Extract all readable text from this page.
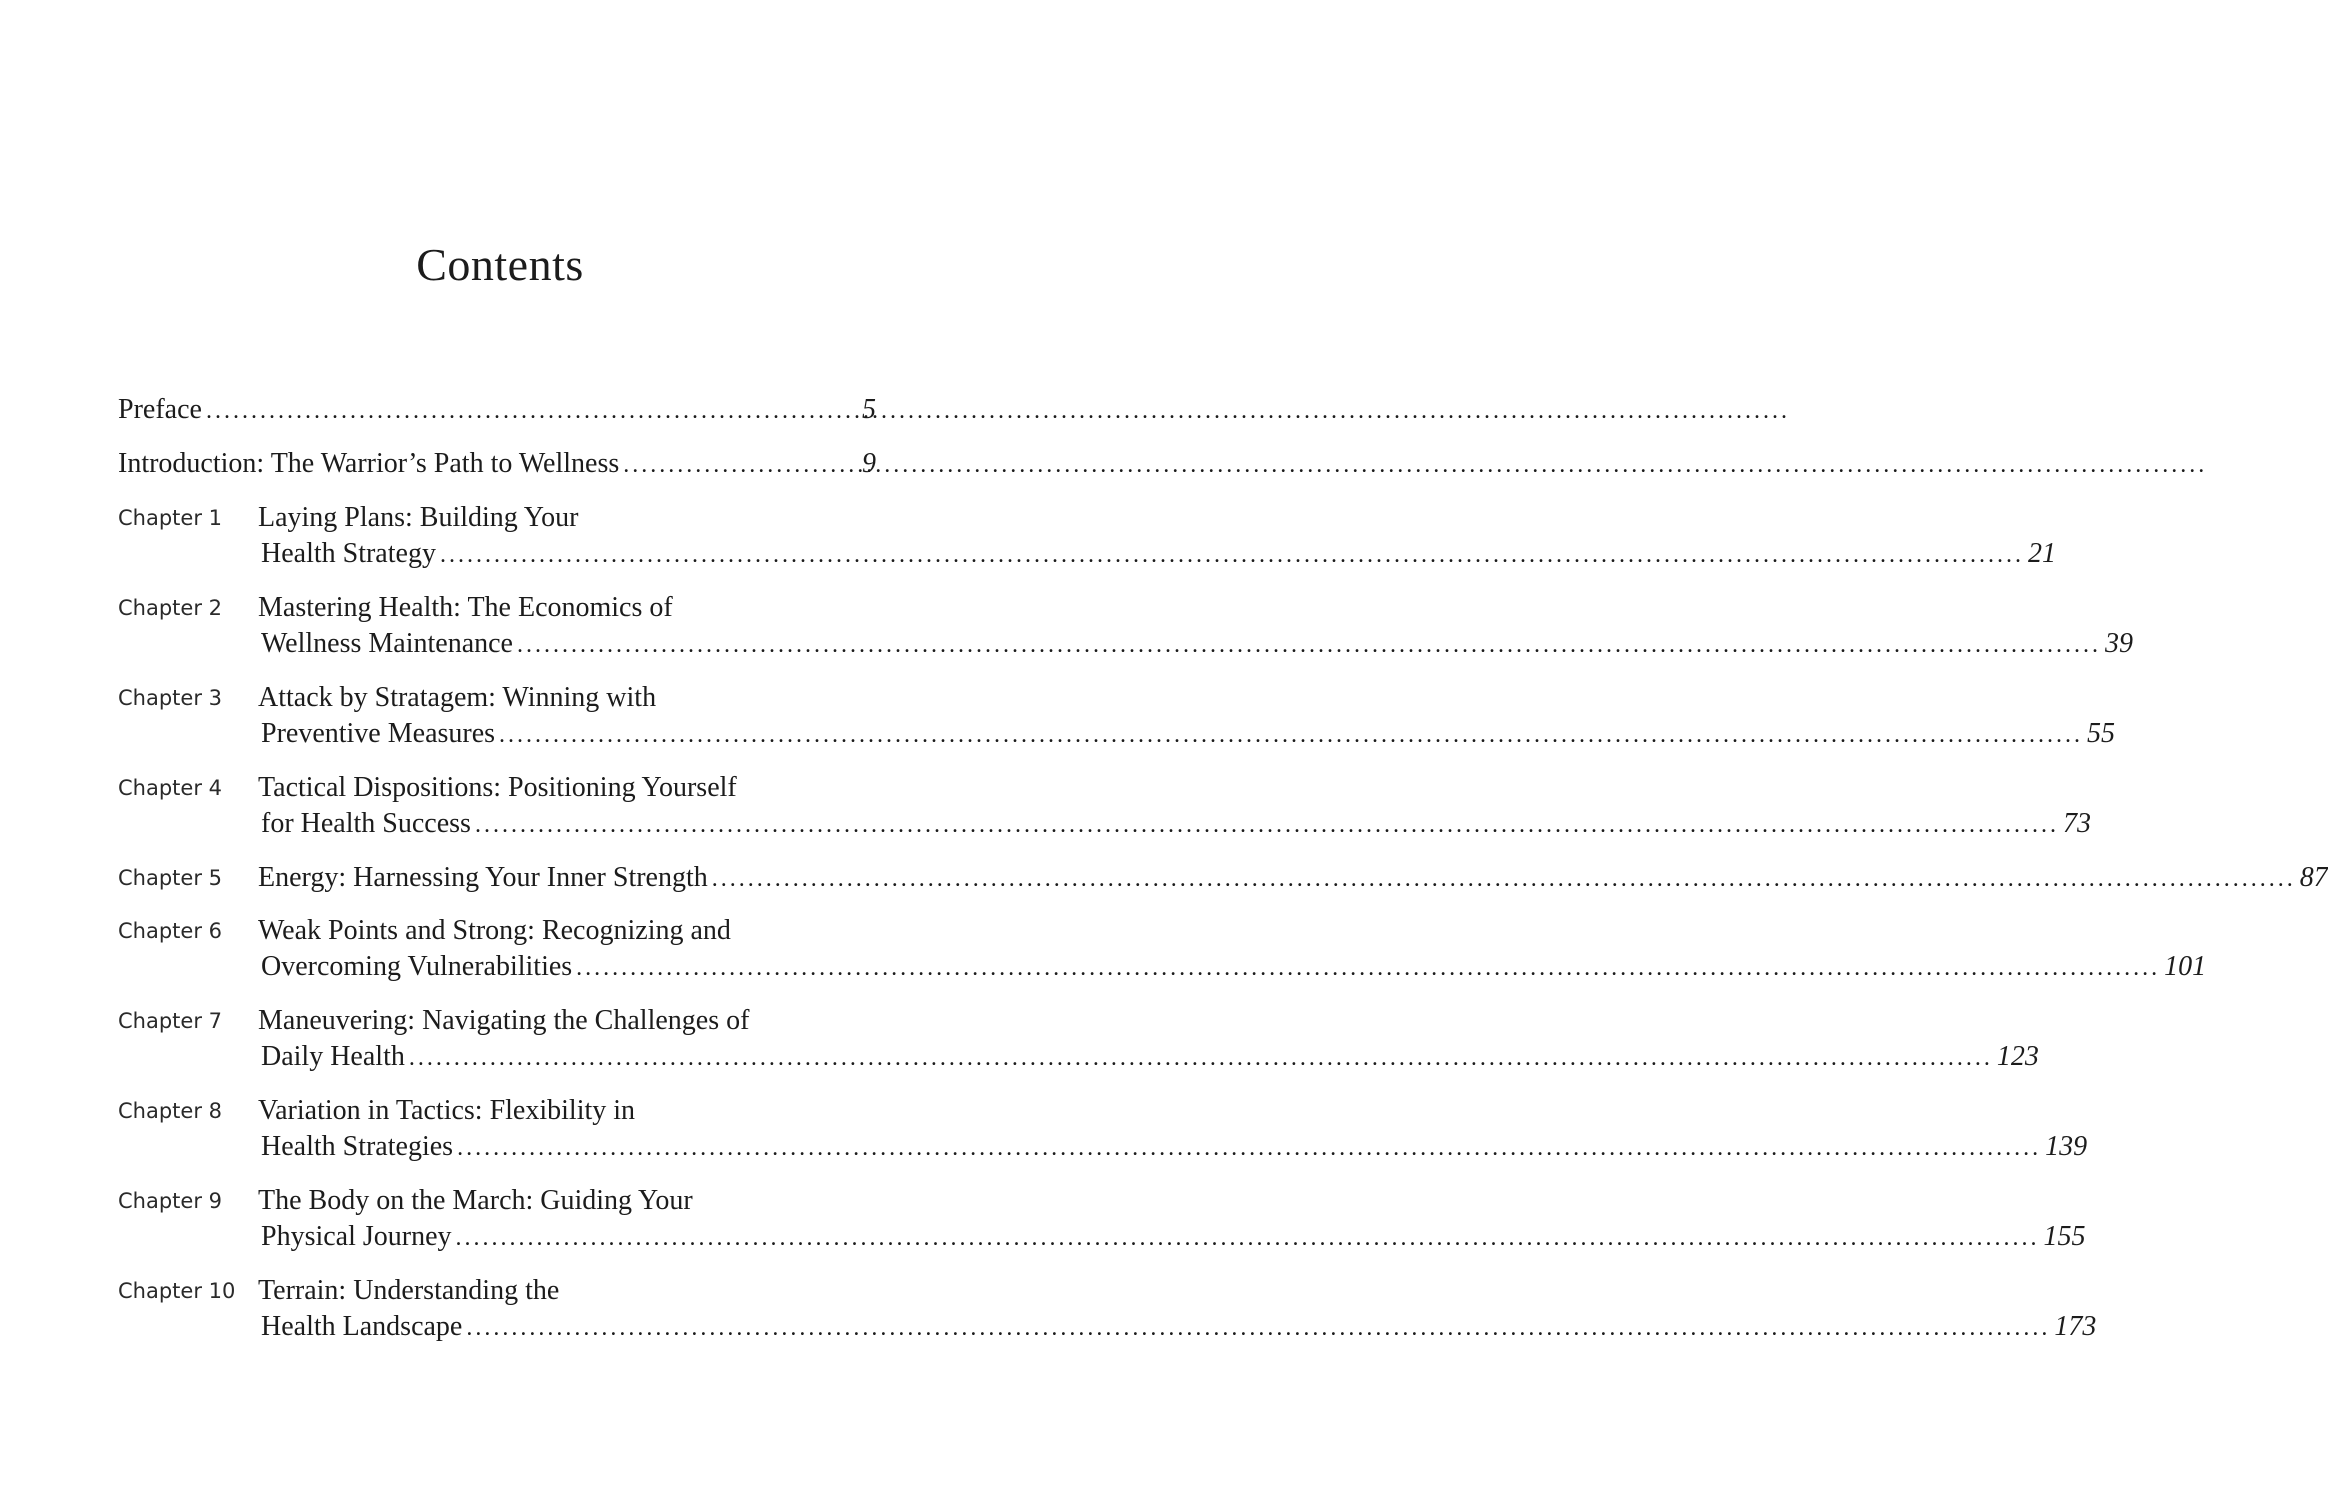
Contents
Preface .....	5
Introduction: The Warrior’s Path to Wellness .....	9
Chapter 1	Laying Plans: Building Your
Health Strategy .....	21
Chapter 2	Mastering Health: The Economics of
Wellness Maintenance .....	39
Chapter 3	Attack by Stratagem: Winning with
Preventive Measures .....	55
Chapter 4	Tactical Dispositions: Positioning Yourself
for Health Success .....	73
Chapter 5	Energy: Harnessing Your Inner Strength .....	87
Chapter 6	Weak Points and Strong: Recognizing and
Overcoming Vulnerabilities .....	101
Chapter 7	Maneuvering: Navigating the Challenges of
Daily Health .....	123
Chapter 8	Variation in Tactics: Flexibility in
Health Strategies .....	139
Chapter 9	The Body on the March: Guiding Your
Physical Journey .....	155
Chapter 10 Terrain: Understanding the
Health Landscape .....	173
